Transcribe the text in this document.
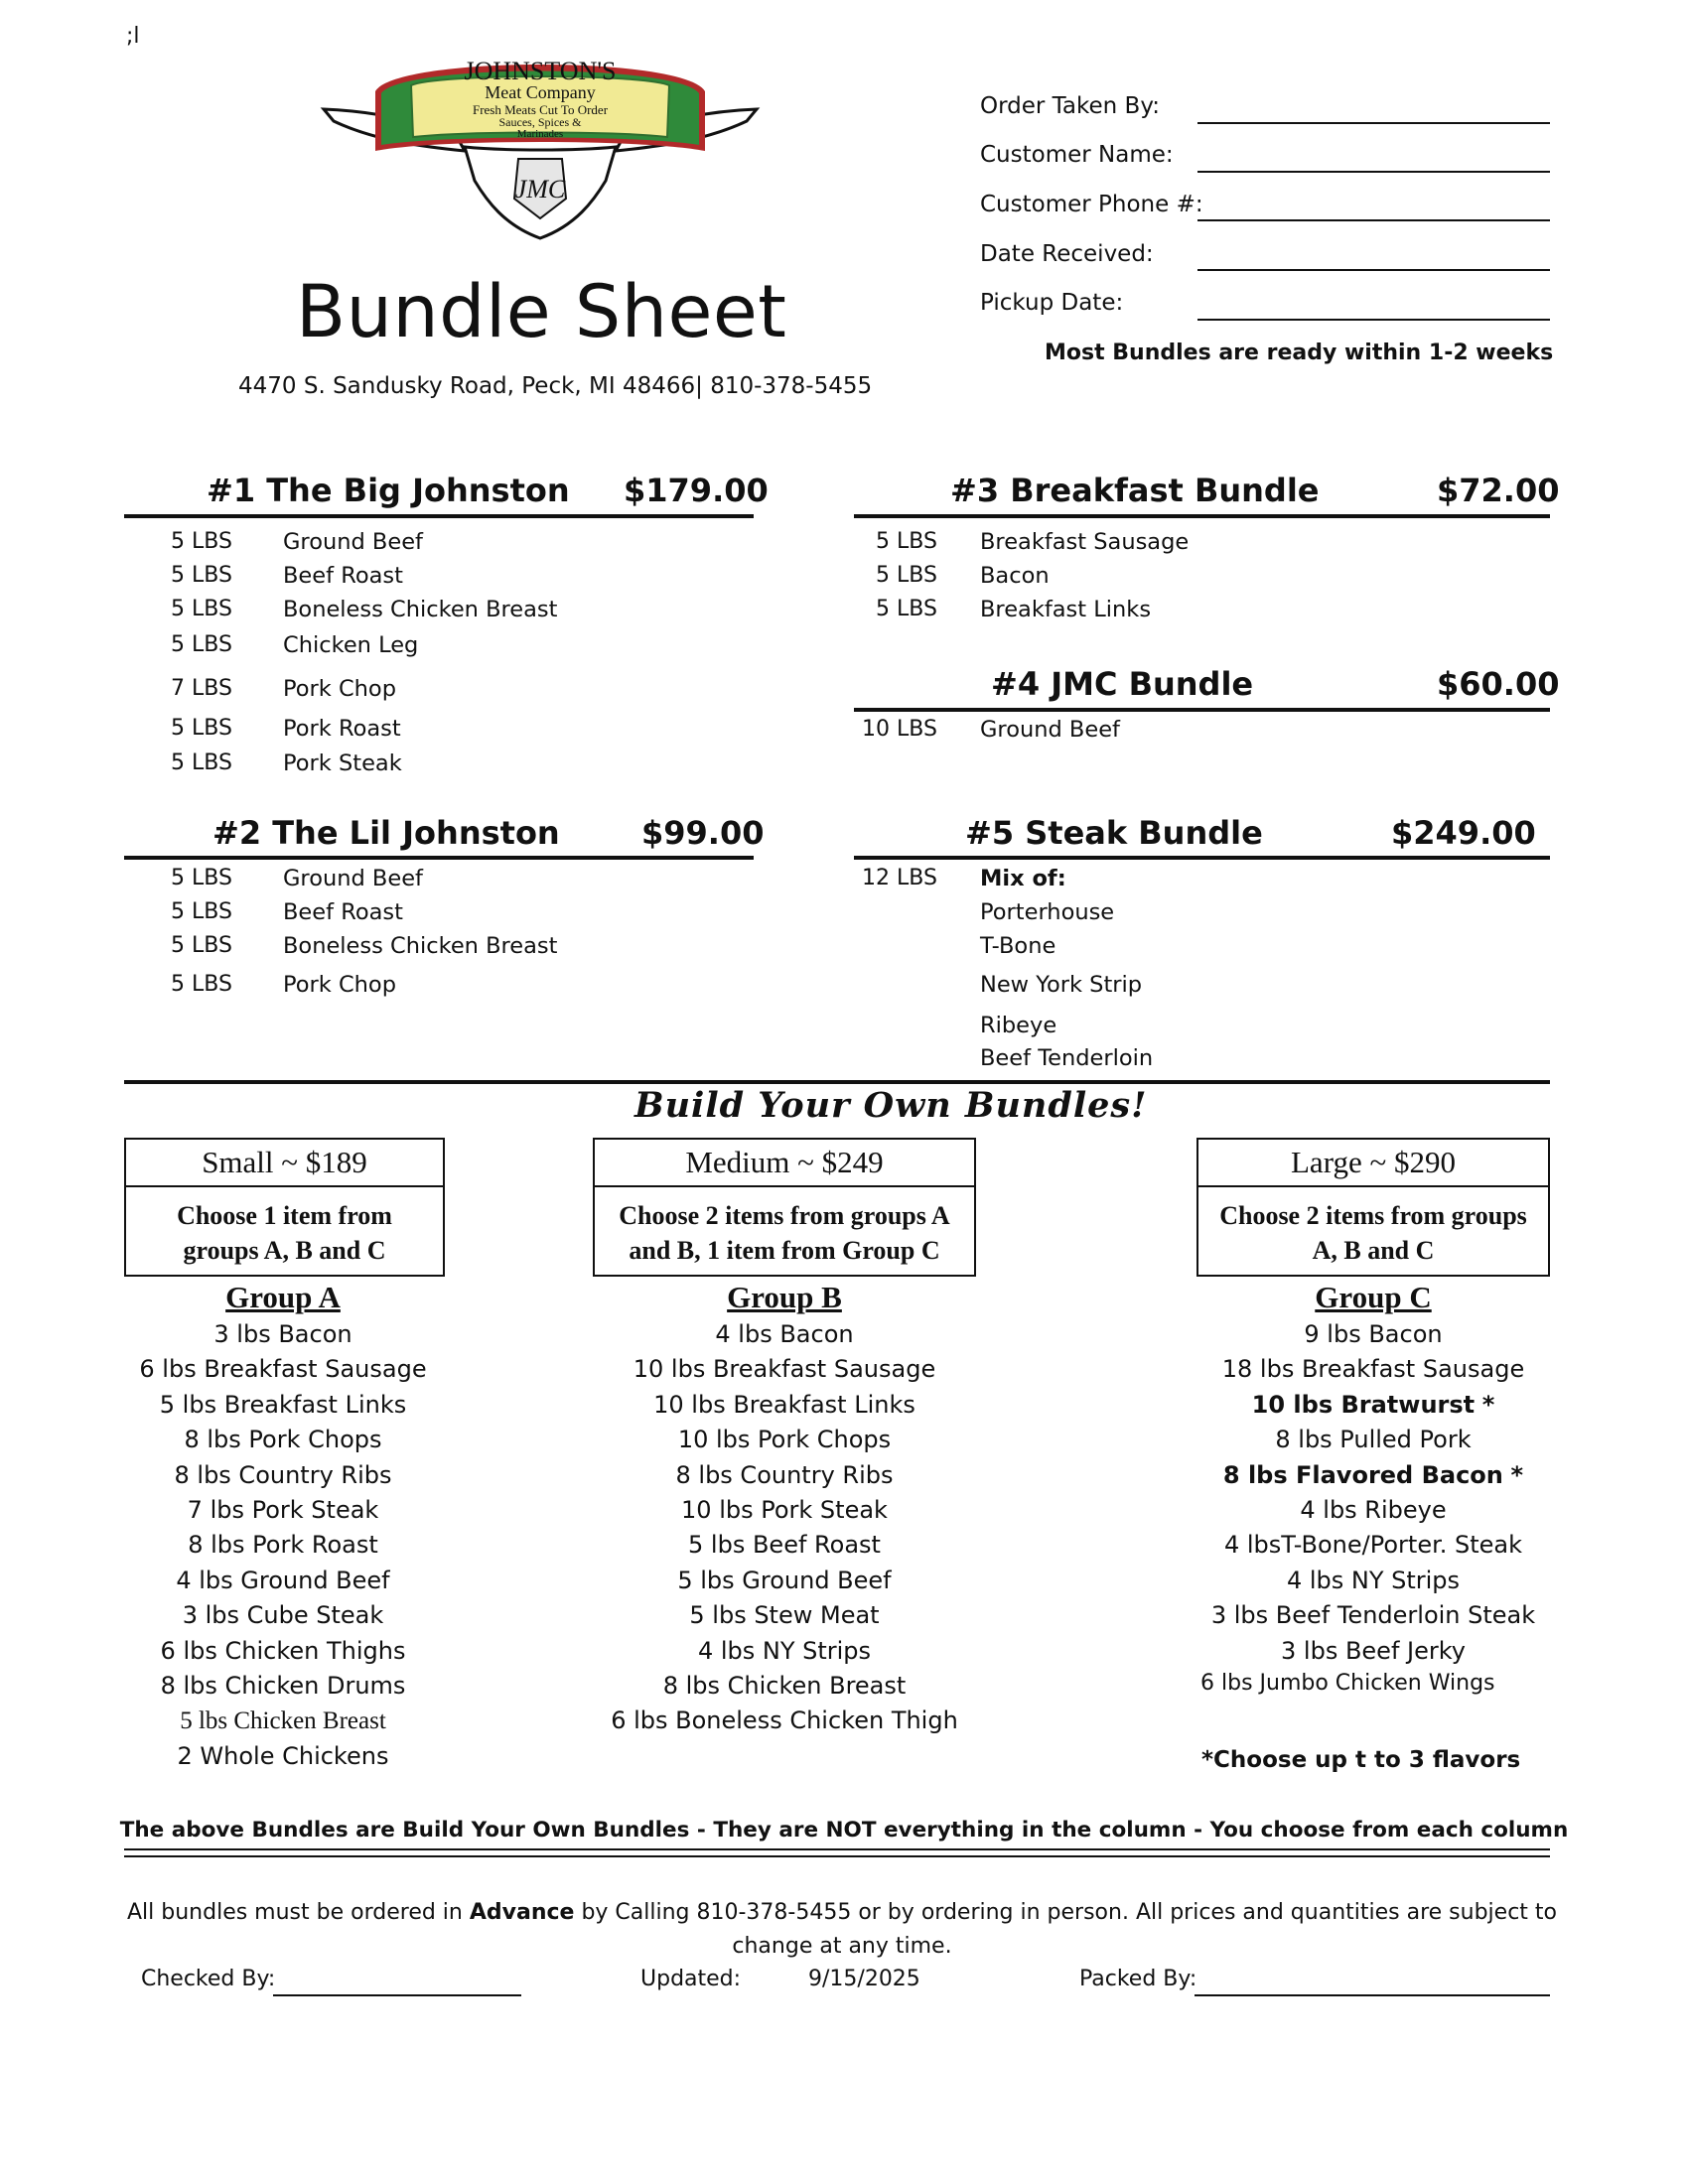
;l
JMC
JOHNSTON'S
Meat Company
Fresh Meats Cut To Order
Sauces, Spices &
Marinades
Bundle Sheet
4470 S. Sandusky Road, Peck, MI 48466| 810-378-5455
Order Taken By:
Customer Name:
Customer Phone #:
Date Received:
Pickup Date:
Most Bundles are ready within 1-2 weeks
#1 The Big Johnston $179.00
5 LBS Ground Beef
5 LBS Beef Roast
5 LBS Boneless Chicken Breast
5 LBS Chicken Leg
7 LBS Pork Chop
5 LBS Pork Roast
5 LBS Pork Steak
#2 The Lil Johnston	$99.00
5 LBS Ground Beef
5 LBS Beef Roast
5 LBS Boneless Chicken Breast
5 LBS Pork Chop
#3 Breakfast Bundle	$72.00
5 LBS Breakfast Sausage
5 LBS Bacon
5 LBS Breakfast Links
#4 JMC Bundle	$60.00
10 LBS Ground Beef
#5 Steak Bundle	$249.00
12 LBS Mix of:
Porterhouse
T-Bone
New York Strip
Ribeye
Beef Tenderloin
Build Your Own Bundles!
Small ~ $189
Choose 1 item from
groups A, B and C
Medium ~ $249
Choose 2 items from groups A
and B, 1 item from Group C
Large ~ $290
Choose 2 items from groups
A, B and C
Group A
3 lbs Bacon
6 lbs Breakfast Sausage
5 lbs Breakfast Links
8 lbs Pork Chops
8 lbs Country Ribs
7 lbs Pork Steak
8 lbs Pork Roast
4 lbs Ground Beef
3 lbs Cube Steak
6 lbs Chicken Thighs
8 lbs Chicken Drums
5 lbs Chicken Breast
2 Whole Chickens
Group B
4 lbs Bacon
10 lbs Breakfast Sausage
10 lbs Breakfast Links
10 lbs Pork Chops
8 lbs Country Ribs
10 lbs Pork Steak
5 lbs Beef Roast
5 lbs Ground Beef
5 lbs Stew Meat
4 lbs NY Strips
8 lbs Chicken Breast
6 lbs Boneless Chicken Thigh
Group C
9 lbs Bacon
18 lbs Breakfast Sausage
10 lbs Bratwurst *
8 lbs Pulled Pork
8 lbs Flavored Bacon *
4 lbs Ribeye
4 lbsT-Bone/Porter. Steak
4 lbs NY Strips
3 lbs Beef Tenderloin Steak
3 lbs Beef Jerky
6 lbs Jumbo Chicken Wings
*Choose up t to 3 flavors
The above Bundles are Build Your Own Bundles - They are NOT everything in the column - You choose from each column
All bundles must be ordered in Advance by Calling 810-378-5455 or by ordering in person. All prices and quantities are subject to change at any time.
Checked By:	Updated:	9/15/2025	Packed By:
